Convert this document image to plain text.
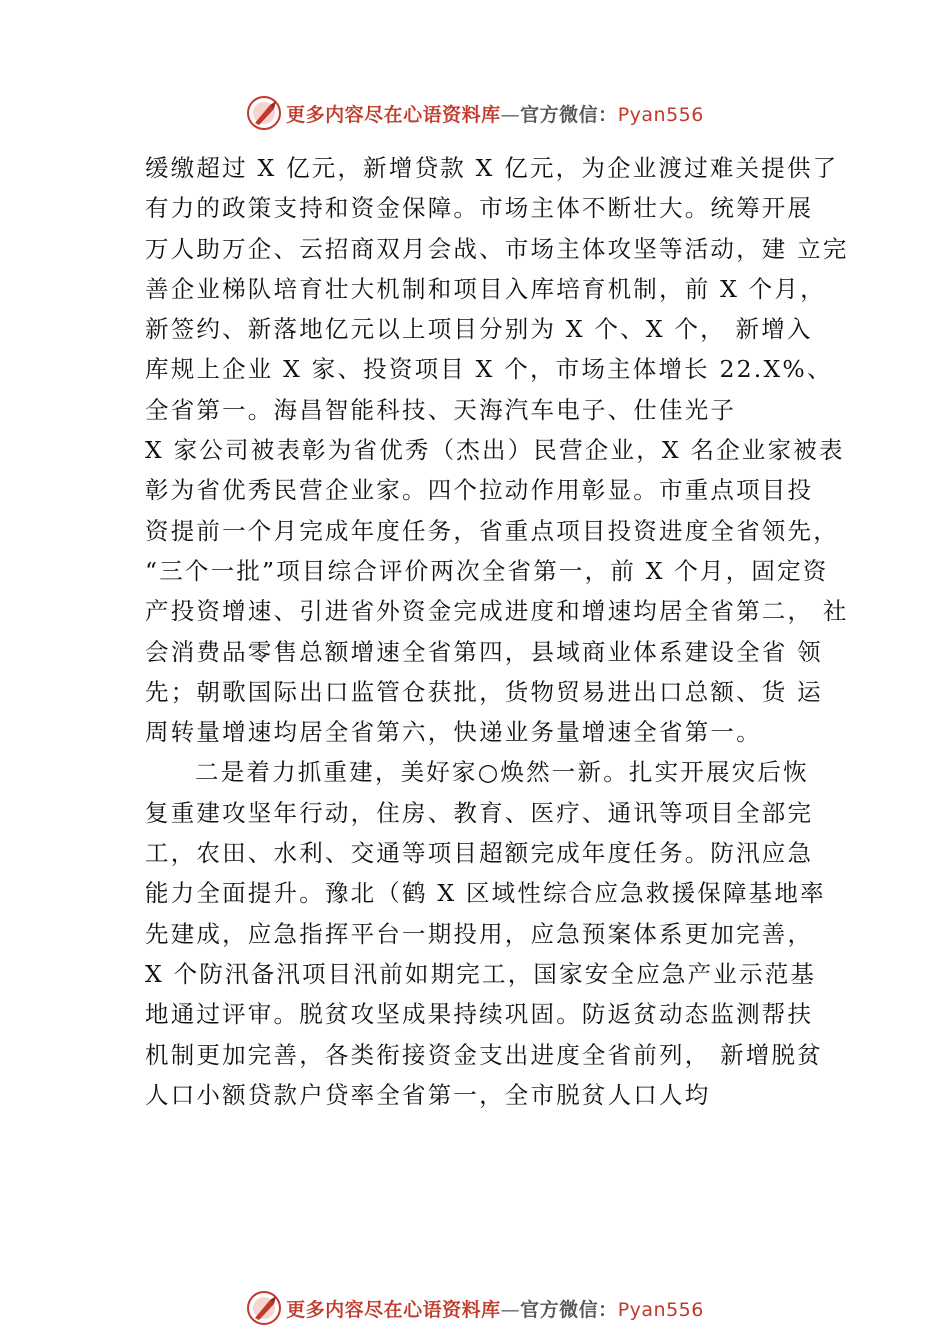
更多内容尽在心语资料库—官方微信：Pyan556
缓缴超过 X 亿元，新增贷款 X 亿元，为企业渡过难关提供了
有力的政策支持和资金保障。市场主体不断壮大。统筹开展
万人助万企、云招商双月会战、市场主体攻坚等活动，建 立完
善企业梯队培育壮大机制和项目入库培育机制，前 X 个月，
新签约、新落地亿元以上项目分别为 X 个、X 个， 新增入
库规上企业 X 家、投资项目 X 个，市场主体增长 22.X%、
全省第一。海昌智能科技、天海汽车电子、仕佳光子
X 家公司被表彰为省优秀（杰出）民营企业，X 名企业家被表
彰为省优秀民营企业家。四个拉动作用彰显。市重点项目投
资提前一个月完成年度任务，省重点项目投资进度全省领先，
“三个一批”项目综合评价两次全省第一，前 X 个月，固定资
产投资增速、引进省外资金完成进度和增速均居全省第二， 社
会消费品零售总额增速全省第四，县域商业体系建设全省 领
先；朝歌国际出口监管仓获批，货物贸易进出口总额、货 运
周转量增速均居全省第六，快递业务量增速全省第一。
二是着力抓重建，美好家○焕然一新。扎实开展灾后恢
复重建攻坚年行动，住房、教育、医疗、通讯等项目全部完
工，农田、水利、交通等项目超额完成年度任务。防汛应急
能力全面提升。豫北（鹤 X 区域性综合应急救援保障基地率
先建成，应急指挥平台一期投用，应急预案体系更加完善，
X 个防汛备汛项目汛前如期完工，国家安全应急产业示范基
地通过评审。脱贫攻坚成果持续巩固。防返贫动态监测帮扶
机制更加完善，各类衔接资金支出进度全省前列， 新增脱贫
人口小额贷款户贷率全省第一，全市脱贫人口人均
更多内容尽在心语资料库—官方微信：Pyan556
